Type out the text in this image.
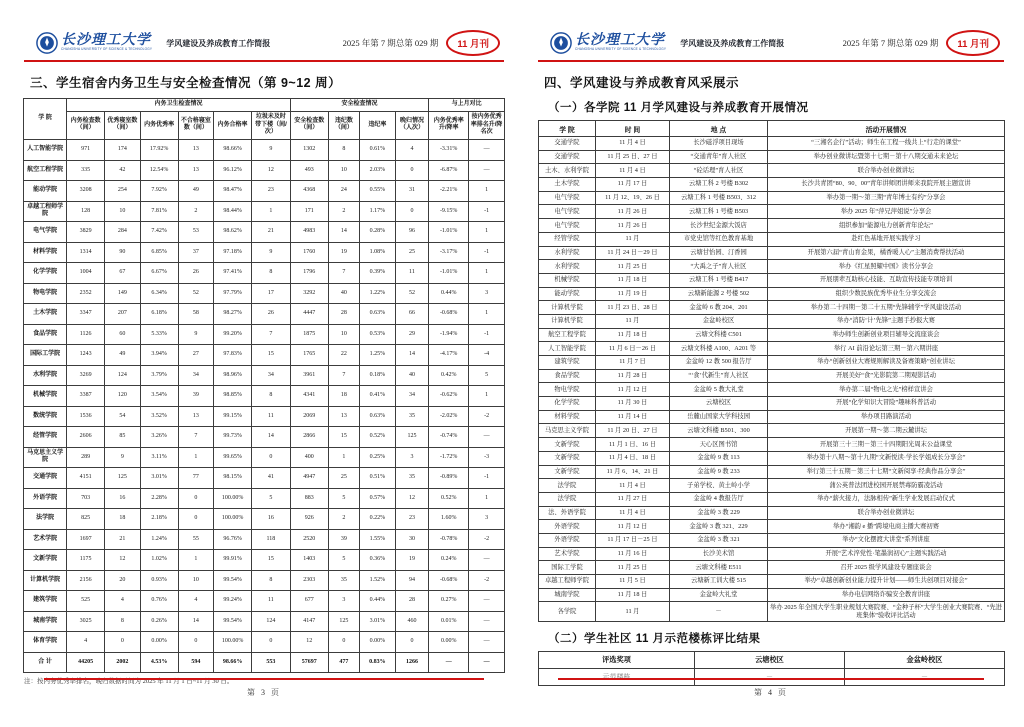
长沙理工大学
CHANGSHA UNIVERSITY OF SCIENCE & TECHNOLOGY
学风建设及养成教育工作简报	2025 年第 7 期总第 029 期	11 月刊
三、学生宿舍内务卫生与安全检查情况（第 9~12 周）
学 院	内务卫生检查情况						安全检查情况				与上月对比	
	内务检查数（间）	优秀寝室数（间）	内务优秀率	不合格寝室数（间）	内务合格率	垃圾未及时带下楼（间/次）	安全检查数（间）	违纪数（间）	违纪率	晚归情况（人次）	内务优秀率升/降率	按内务优秀率排名升/降名次
人工智能学院	971	174	17.92%	13	98.66%	9	1302	8	0.61%	4	-3.31%	—
航空工程学院	335	42	12.54%	13	96.12%	12	493	10	2.03%	0	-6.87%	—
能动学院	3208	254	7.92%	49	98.47%	23	4368	24	0.55%	31	-2.21%	1
卓越工程师学院	128	10	7.81%	2	98.44%	1	171	2	1.17%	0	-9.15%	-1
电气学院	3829	284	7.42%	53	98.62%	21	4983	14	0.28%	96	-1.01%	1
材料学院	1314	90	6.85%	37	97.18%	9	1760	19	1.08%	25	-3.17%	-1
化学学院	1004	67	6.67%	26	97.41%	8	1796	7	0.39%	11	-1.01%	1
物电学院	2352	149	6.34%	52	97.79%	17	3292	40	1.22%	52	0.44%	3
土木学院	3347	207	6.18%	58	98.27%	26	4447	28	0.63%	66	-0.68%	1
食品学院	1126	60	5.33%	9	99.20%	7	1875	10	0.53%	29	-1.94%	-1
国际工学院	1243	49	3.94%	27	97.83%	15	1765	22	1.25%	14	-4.17%	-4
水利学院	3269	124	3.79%	34	98.96%	34	3961	7	0.18%	40	0.42%	5
机械学院	3387	120	3.54%	39	98.85%	8	4341	18	0.41%	34	-0.62%	1
数统学院	1536	54	3.52%	13	99.15%	11	2069	13	0.63%	35	-2.02%	-2
经管学院	2606	85	3.26%	7	99.73%	14	2866	15	0.52%	125	-0.74%	—
马克思主义学院	289	9	3.11%	1	99.65%	0	400	1	0.25%	3	-1.72%	-3
交通学院	4151	125	3.01%	77	98.15%	41	4947	25	0.51%	35	-0.89%	-1
外语学院	703	16	2.28%	0	100.00%	5	883	5	0.57%	12	0.52%	1
法学院	825	18	2.18%	0	100.00%	16	926	2	0.22%	23	1.60%	3
艺术学院	1697	21	1.24%	55	96.76%	118	2520	39	1.55%	30	-0.78%	-2
文新学院	1175	12	1.02%	1	99.91%	15	1403	5	0.36%	19	0.24%	—
计算机学院	2156	20	0.93%	10	99.54%	8	2303	35	1.52%	94	-0.68%	-2
建筑学院	525	4	0.76%	4	99.24%	11	677	3	0.44%	28	0.27%	—
城南学院	3025	8	0.26%	14	99.54%	124	4147	125	3.01%	460	0.01%	—
体育学院	4	0	0.00%	0	100.00%	0	12	0	0.00%	0	0.00%	—
合 计	44205	2002	4.53%	594	98.66%	553	57697	477	0.83%	1266	—	—

注：按内务优秀率排名，晚归数据时间为 2025 年 11 月 1 日~11 月 30 日。

第 3 页
长沙理工大学
CHANGSHA UNIVERSITY OF SCIENCE & TECHNOLOGY
学风建设及养成教育工作简报	2025 年第 7 期总第 029 期	11 月刊
四、学风建设与养成教育风采展示
（一）各学院 11 月学风建设与养成教育开展情况
学 院	时 间	地 点	活动开展情况
交通学院	11 月 4 日	长沙磁浮项目现场	“三湘名企行”活动；师生在工程一线共上“行走的课堂”
交通学院	11 月 25 日、27 日	“交通青年”育人社区	举办创业微讲坛暨第十七期－第十八期交通未来论坛
土木、水利学院	11 月 4 日	“砼话理”育人社区	联合举办创业微讲坛
土木学院	11 月 17 日	云塘工科 2 号楼 B302	长沙共青团“80、90、00”青年讲师团讲师来我院开展主题宣讲
电气学院	11 月 12、19、26 日	云塘工科 1 号楼 B503、312	举办第一期～第三期“青年博士有约”分享会
电气学院	11 月 26 日	云塘工科 1 号楼 B503	举办 2025 年“萍兄萍姐说”分享会
电气学院	11 月 26 日	长沙世纪金源大饭店	组织参加“能源电力创新青年论坛”
经管学院	11 月	市党史馆等红色教育基地	赴红色基地开展实践学习
水利学院	11 月 24 日－29 日	云塘甘怡园、汀香园	开展第六届“青山育金果，橘香暖人心”主题消费帮扶活动
水利学院	11 月 25 日	“大禹之子”育人社区	举办《红星照耀中国》读书分享会
机械学院	11 月 18 日	云塘工科 1 号楼 B417	开展朋辈互助核心技能、互助宣传技能专项培训
能动学院	11 月 19 日	云塘新能源 2 号楼 502	组织少数民族优秀毕业生分享交流会
计算机学院	11 月 23 日、28 日	金盆岭 6 教 204、201	举办第二十四期－第二十五期“先锋辅学”学风建设活动
计算机学院	11 月	金盆岭校区	举办“消防‘计’先锋”主题手抄报大赛
航空工程学院	11 月 18 日	云塘文科楼 C501	举办师生创新创业项目辅导交流座谈会
人工智能学院	11 月 6 日－26 日	云塘文科楼 A100、A201 等	举行 AI 前沿论坛第三期－第六期讲座
建筑学院	11 月 7 日	金盆岭 12 教 500 报告厅	举办“创新创业大赛规则解读及备赛策略”创业讲坛
食品学院	11 月 28 日	“‘食’代新生”育人社区	开展美好“食”光影院第二期观影活动
物电学院	11 月 12 日	金盆岭 5 教大礼堂	举办第二届“物电之光”榜样宣讲会
化学学院	11 月 30 日	云塘校区	开展“化学知识大冒险”趣味科普活动
材料学院	11 月 14 日	岳麓山国家大学科技园	举办项目路演活动
马克思主义学院	11 月 20 日、27 日	云塘文科楼 B501、300	开展第一期～第二期云麓讲坛
文新学院	11 月 1 日、16 日	天心区图书馆	开展第三十三期－第三十四期阳光周末公益课堂
文新学院	11 月 4 日、18 日	金盆岭 9 教 113	举办第十八期～第十九期“文新悦读·学长学姐成长分享会”
文新学院	11 月 6、14、21 日	金盆岭 9 教 233	举行第三十五期－第三十七期“文新阅享·经典作品分享会”
法学院	11 月 4 日	子弟学校、黄土岭小学	蒲公英普法团进校园开展禁毒防霸凌活动
法学院	11 月 27 日	金盆岭 4 教报告厅	举办“薪火接力，法脉相传”新生学业发展启动仪式
法、外语学院	11 月 4 日	金盆岭 3 教 229	联合举办创业微讲坛
外语学院	11 月 12 日	金盆岭 3 教 321、229	举办“湘韵 e 播”跨境电商主播大赛初赛
外语学院	11 月 17 日－25 日	金盆岭 3 教 321	举办“文化摆渡大讲堂”系列讲座
艺术学院	11 月 16 日	长沙美术馆	开展“艺术淬党性·笔墨润初心”主题实践活动
国际工学院	11 月 25 日	云塘文科楼 E511	召开 2025 级学风建设专题座谈会
卓越工程师学院	11 月 5 日	云塘新工训大楼 515	举办“卓越创新创业能力提升计划——师生共创项目对接会”
城南学院	11 月 18 日	金盆岭大礼堂	举办电信网络诈骗安全教育讲座
各学院	11 月	－	举办 2025 年全国大学生职业规划大赛院赛、“金种子杯”大学生创业大赛院赛、“先进班集体”验收评比活动
（二）学生社区 11 月示范楼栋评比结果
评选奖项	云塘校区	金盆岭校区
示范楼栋	－	－
第 4 页
